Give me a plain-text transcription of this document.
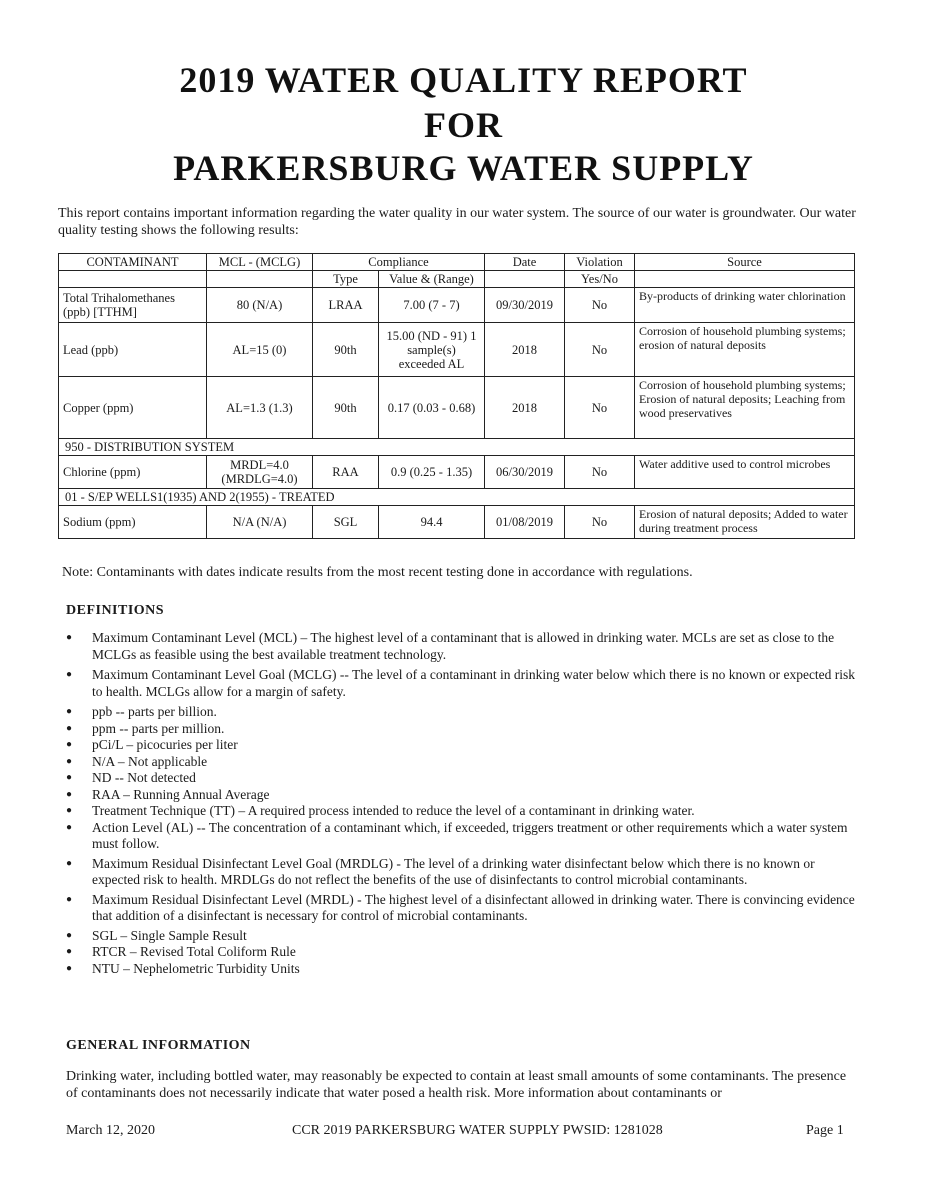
2019 WATER QUALITY REPORT
FOR
PARKERSBURG WATER SUPPLY
This report contains important information regarding the water quality in our water system. The source of our water is groundwater. Our water quality testing shows the following results:
CONTAMINANT	MCL - (MCLG)	Compliance		Date	Violation	Source
		Type	Value & (Range)		Yes/No	
Total Trihalomethanes (ppb) [TTHM]	80 (N/A)	LRAA	7.00 (7 - 7)	09/30/2019	No	By-products of drinking water chlorination
Lead (ppb)	AL=15 (0)	90th	15.00 (ND - 91) 1 sample(s) exceeded AL	2018	No	Corrosion of household plumbing systems; erosion of natural deposits
Copper (ppm)	AL=1.3 (1.3)	90th	0.17 (0.03 - 0.68)	2018	No	Corrosion of household plumbing systems; Erosion of natural deposits; Leaching from wood preservatives
950 - DISTRIBUTION SYSTEM						
Chlorine (ppm)	MRDL=4.0 (MRDLG=4.0)	RAA	0.9 (0.25 - 1.35)	06/30/2019	No	Water additive used to control microbes
01 - S/EP WELLS1(1935) AND 2(1955) - TREATED						
Sodium (ppm)	N/A (N/A)	SGL	94.4	01/08/2019	No	Erosion of natural deposits; Added to water during treatment process
Note: Contaminants with dates indicate results from the most recent testing done in accordance with regulations.
DEFINITIONS
● Maximum Contaminant Level (MCL) – The highest level of a contaminant that is allowed in drinking water. MCLs are set as close to the MCLGs as feasible using the best available treatment technology.
● Maximum Contaminant Level Goal (MCLG) -- The level of a contaminant in drinking water below which there is no known or expected risk to health. MCLGs allow for a margin of safety.
● ppb -- parts per billion.
● ppm -- parts per million.
● pCi/L – picocuries per liter
● N/A – Not applicable
● ND -- Not detected
● RAA – Running Annual Average
● Treatment Technique (TT) – A required process intended to reduce the level of a contaminant in drinking water.
● Action Level (AL) -- The concentration of a contaminant which, if exceeded, triggers treatment or other requirements which a water system must follow.
● Maximum Residual Disinfectant Level Goal (MRDLG) - The level of a drinking water disinfectant below which there is no known or expected risk to health. MRDLGs do not reflect the benefits of the use of disinfectants to control microbial contaminants.
● Maximum Residual Disinfectant Level (MRDL) - The highest level of a disinfectant allowed in drinking water. There is convincing evidence that addition of a disinfectant is necessary for control of microbial contaminants.
● SGL – Single Sample Result
● RTCR – Revised Total Coliform Rule
● NTU – Nephelometric Turbidity Units
GENERAL INFORMATION
Drinking water, including bottled water, may reasonably be expected to contain at least small amounts of some contaminants. The presence of contaminants does not necessarily indicate that water posed a health risk. More information about contaminants or
March 12, 2020	CCR 2019 PARKERSBURG WATER SUPPLY PWSID: 1281028	Page 1
